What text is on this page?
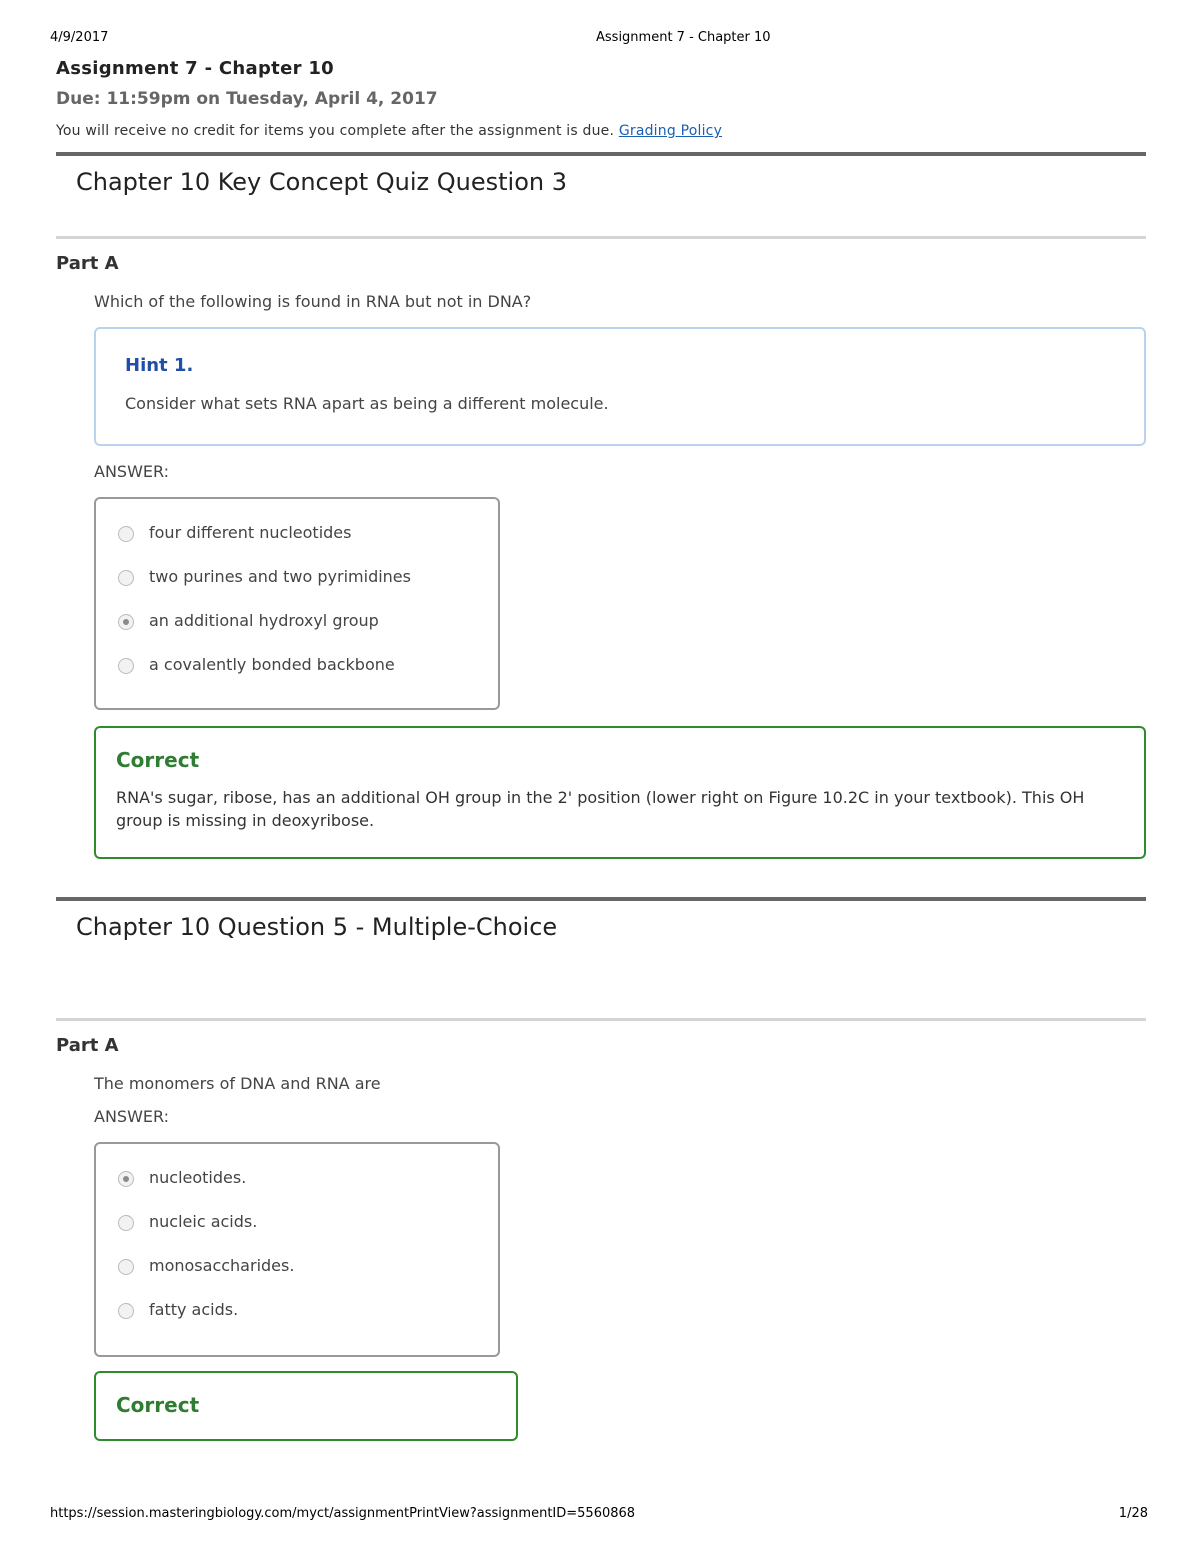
4/9/2017	Assignment 7 - Chapter 10
Assignment 7 - Chapter 10
Due: 11:59pm on Tuesday, April 4, 2017
You will receive no credit for items you complete after the assignment is due. Grading Policy
Chapter 10 Key Concept Quiz Question 3
Part A
Which of the following is found in RNA but not in DNA?
Hint 1.
Consider what sets RNA apart as being a different molecule.
ANSWER:
four different nucleotides
two purines and two pyrimidines
an additional hydroxyl group
a covalently bonded backbone
Correct
RNA's sugar, ribose, has an additional OH group in the 2' position (lower right on Figure 10.2C in your textbook). This OH group is missing in deoxyribose.
Chapter 10 Question 5 - Multiple-Choice
Part A
The monomers of DNA and RNA are
ANSWER:
nucleotides.
nucleic acids.
monosaccharides.
fatty acids.
Correct
https://session.masteringbiology.com/myct/assignmentPrintView?assignmentID=5560868	1/28
